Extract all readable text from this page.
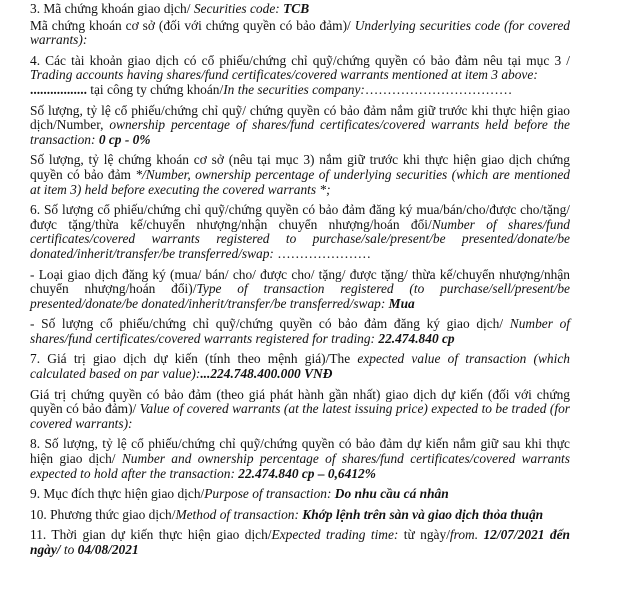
3. Mã chứng khoán giao dịch/ Securities code: TCB

Mã chứng khoán cơ sở (đối với chứng quyền có bảo đảm)/ Underlying securities code (for covered warrants):

4. Các tài khoản giao dịch có cổ phiếu/chứng chỉ quỹ/chứng quyền có bảo đảm nêu tại mục 3 / Trading accounts having shares/fund certificates/covered warrants mentioned at item 3 above:
................. tại công ty chứng khoán/In the securities company:……………………………

Số lượng, tỷ lệ cổ phiếu/chứng chỉ quỹ/ chứng quyền có bảo đảm nắm giữ trước khi thực hiện giao dịch/Number, ownership percentage of shares/fund certificates/covered warrants held before the transaction: 0 cp - 0%

Số lượng, tỷ lệ chứng khoán cơ sở (nêu tại mục 3) nắm giữ trước khi thực hiện giao dịch chứng quyền có bảo đảm */Number, ownership percentage of underlying securities (which are mentioned at item 3) held before executing the covered warrants *;

6. Số lượng cổ phiếu/chứng chỉ quỹ/chứng quyền có bảo đảm đăng ký mua/bán/cho/được cho/tặng/được tặng/thừa kế/chuyển nhượng/nhận chuyển nhượng/hoán đổi/Number of shares/fund certificates/covered warrants registered to purchase/sale/present/be presented/donate/be donated/inherit/transfer/be transferred/swap: …………………

- Loại giao dịch đăng ký (mua/ bán/ cho/ được cho/ tặng/ được tặng/ thừa kế/chuyển nhượng/nhận chuyển nhượng/hoán đổi)/Type of transaction registered (to purchase/sell/present/be presented/donate/be donated/inherit/transfer/be transferred/swap: Mua

- Số lượng cổ phiếu/chứng chỉ quỹ/chứng quyền có bảo đảm đăng ký giao dịch/ Number of shares/fund certificates/covered warrants registered for trading: 22.474.840 cp

7. Giá trị giao dịch dự kiến (tính theo mệnh giá)/The expected value of transaction (which calculated based on par value):...224.748.400.000 VNĐ

Giá trị chứng quyền có bảo đảm (theo giá phát hành gần nhất) giao dịch dự kiến (đối với chứng quyền có bảo đảm)/ Value of covered warrants (at the latest issuing price) expected to be traded (for covered warrants):

8. Số lượng, tỷ lệ cổ phiếu/chứng chỉ quỹ/chứng quyền có bảo đảm dự kiến nắm giữ sau khi thực hiện giao dịch/ Number and ownership percentage of shares/fund certificates/covered warrants expected to hold after the transaction: 22.474.840 cp – 0,6412%

9. Mục đích thực hiện giao dịch/Purpose of transaction: Do nhu cầu cá nhân

10. Phương thức giao dịch/Method of transaction: Khớp lệnh trên sàn và giao dịch thỏa thuận

11. Thời gian dự kiến thực hiện giao dịch/Expected trading time: từ ngày/from. 12/07/2021 đến ngày/ to 04/08/2021
